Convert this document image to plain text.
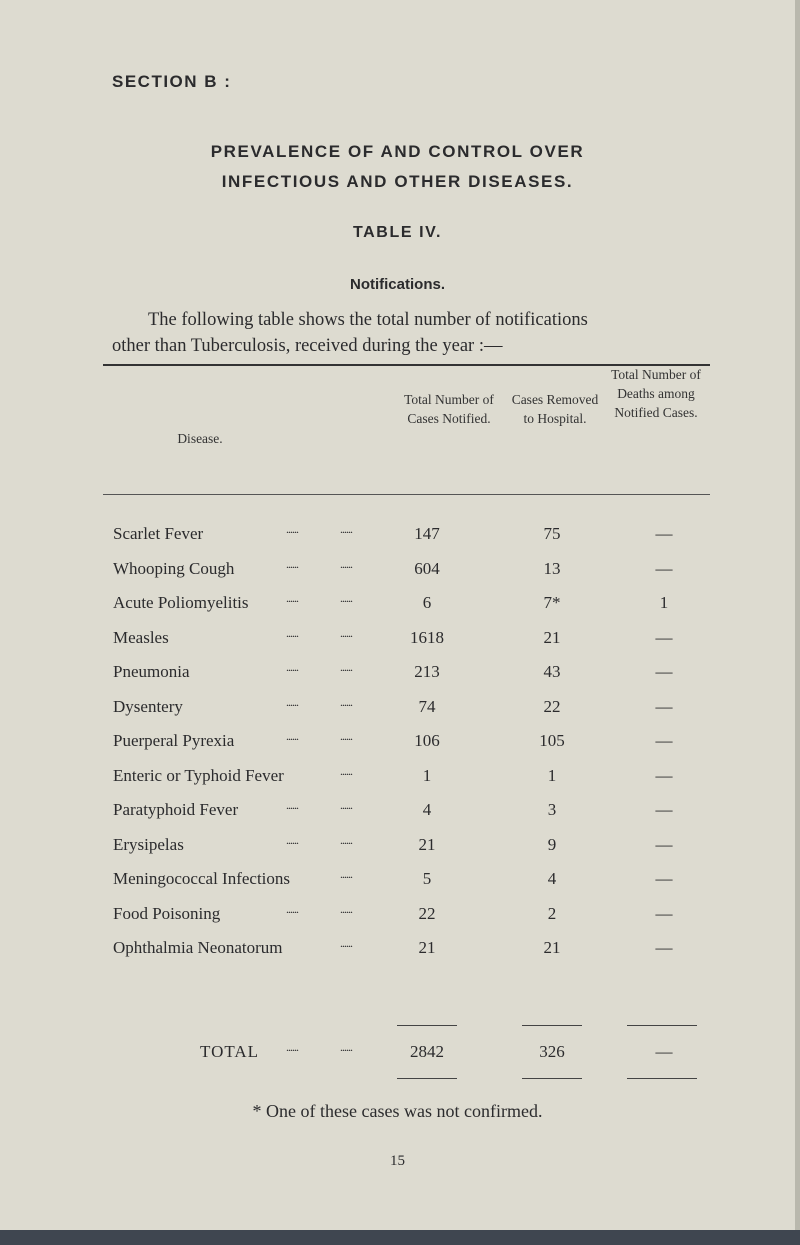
SECTION B :
PREVALENCE OF AND CONTROL OVER
INFECTIOUS AND OTHER DISEASES.
TABLE IV.
Notifications.
The following table shows the total number of notifications
other than Tuberculosis, received during the year :—
Disease.
Total Number of Cases Notified.
Cases Removed to Hospital.
Total Number of Deaths among Notified Cases.
Scarlet Fever	......	......	147	75	—
Whooping Cough	......	......	604	13	—
Acute Poliomyelitis	......	......	6	7*	1
Measles	......	......	1618	21	—
Pneumonia	......	......	213	43	—
Dysentery	......	......	74	22	—
Puerperal Pyrexia	......	......	106	105	—
Enteric or Typhoid Fever	......	1	1	—
Paratyphoid Fever	......	......	4	3	—
Erysipelas	......	......	21	9	—
Meningococcal Infections	......	5	4	—
Food Poisoning	......	......	22	2	—
Ophthalmia Neonatorum	......	21	21	—
TOTAL ......	......	2842	326	—
* One of these cases was not confirmed.
15
